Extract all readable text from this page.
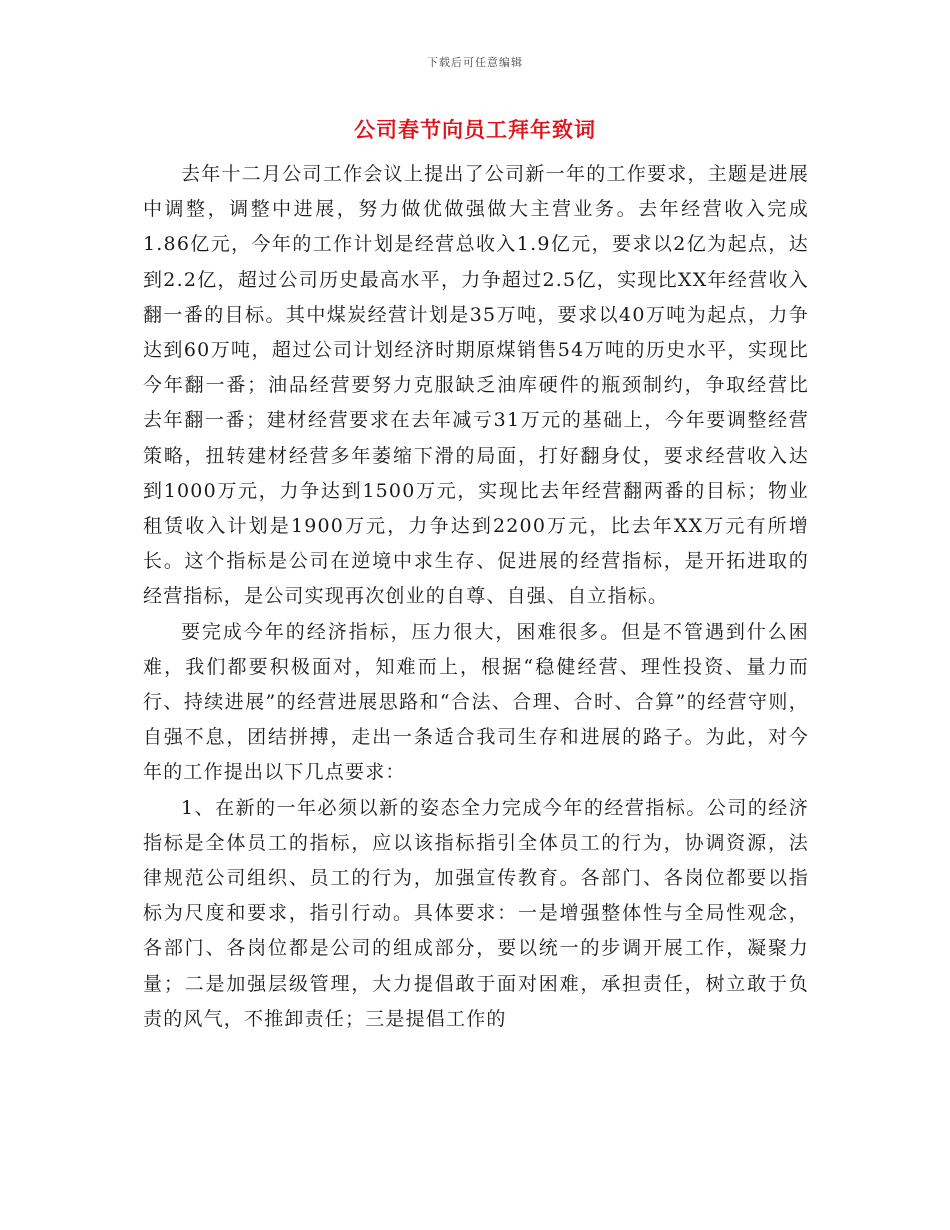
下载后可任意编辑
公司春节向员工拜年致词

去年十二月公司工作会议上提出了公司新一年的工作要求，主题是进展中调整，调整中进展，努力做优做强做大主营业务。去年经营收入完成1.86亿元，今年的工作计划是经营总收入1.9亿元，要求以2亿为起点，达到2.2亿，超过公司历史最高水平，力争超过2.5亿，实现比XX年经营收入翻一番的目标。其中煤炭经营计划是35万吨，要求以40万吨为起点，力争达到60万吨，超过公司计划经济时期原煤销售54万吨的历史水平，实现比今年翻一番；油品经营要努力克服缺乏油库硬件的瓶颈制约，争取经营比去年翻一番；建材经营要求在去年减亏31万元的基础上，今年要调整经营策略，扭转建材经营多年萎缩下滑的局面，打好翻身仗，要求经营收入达到1000万元，力争达到1500万元，实现比去年经营翻两番的目标；物业租赁收入计划是1900万元，力争达到2200万元，比去年XX万元有所增长。这个指标是公司在逆境中求生存、促进展的经营指标，是开拓进取的经营指标，是公司实现再次创业的自尊、自强、自立指标。

要完成今年的经济指标，压力很大，困难很多。但是不管遇到什么困难，我们都要积极面对，知难而上，根据“稳健经营、理性投资、量力而行、持续进展”的经营进展思路和“合法、合理、合时、合算”的经营守则，自强不息，团结拼搏，走出一条适合我司生存和进展的路子。为此，对今年的工作提出以下几点要求：

1、在新的一年必须以新的姿态全力完成今年的经营指标。公司的经济指标是全体员工的指标，应以该指标指引全体员工的行为，协调资源，法律规范公司组织、员工的行为，加强宣传教育。各部门、各岗位都要以指标为尺度和要求，指引行动。具体要求：一是增强整体性与全局性观念，各部门、各岗位都是公司的组成部分，要以统一的步调开展工作，凝聚力量；二是加强层级管理，大力提倡敢于面对困难，承担责任，树立敢于负责的风气，不推卸责任；三是提倡工作的
